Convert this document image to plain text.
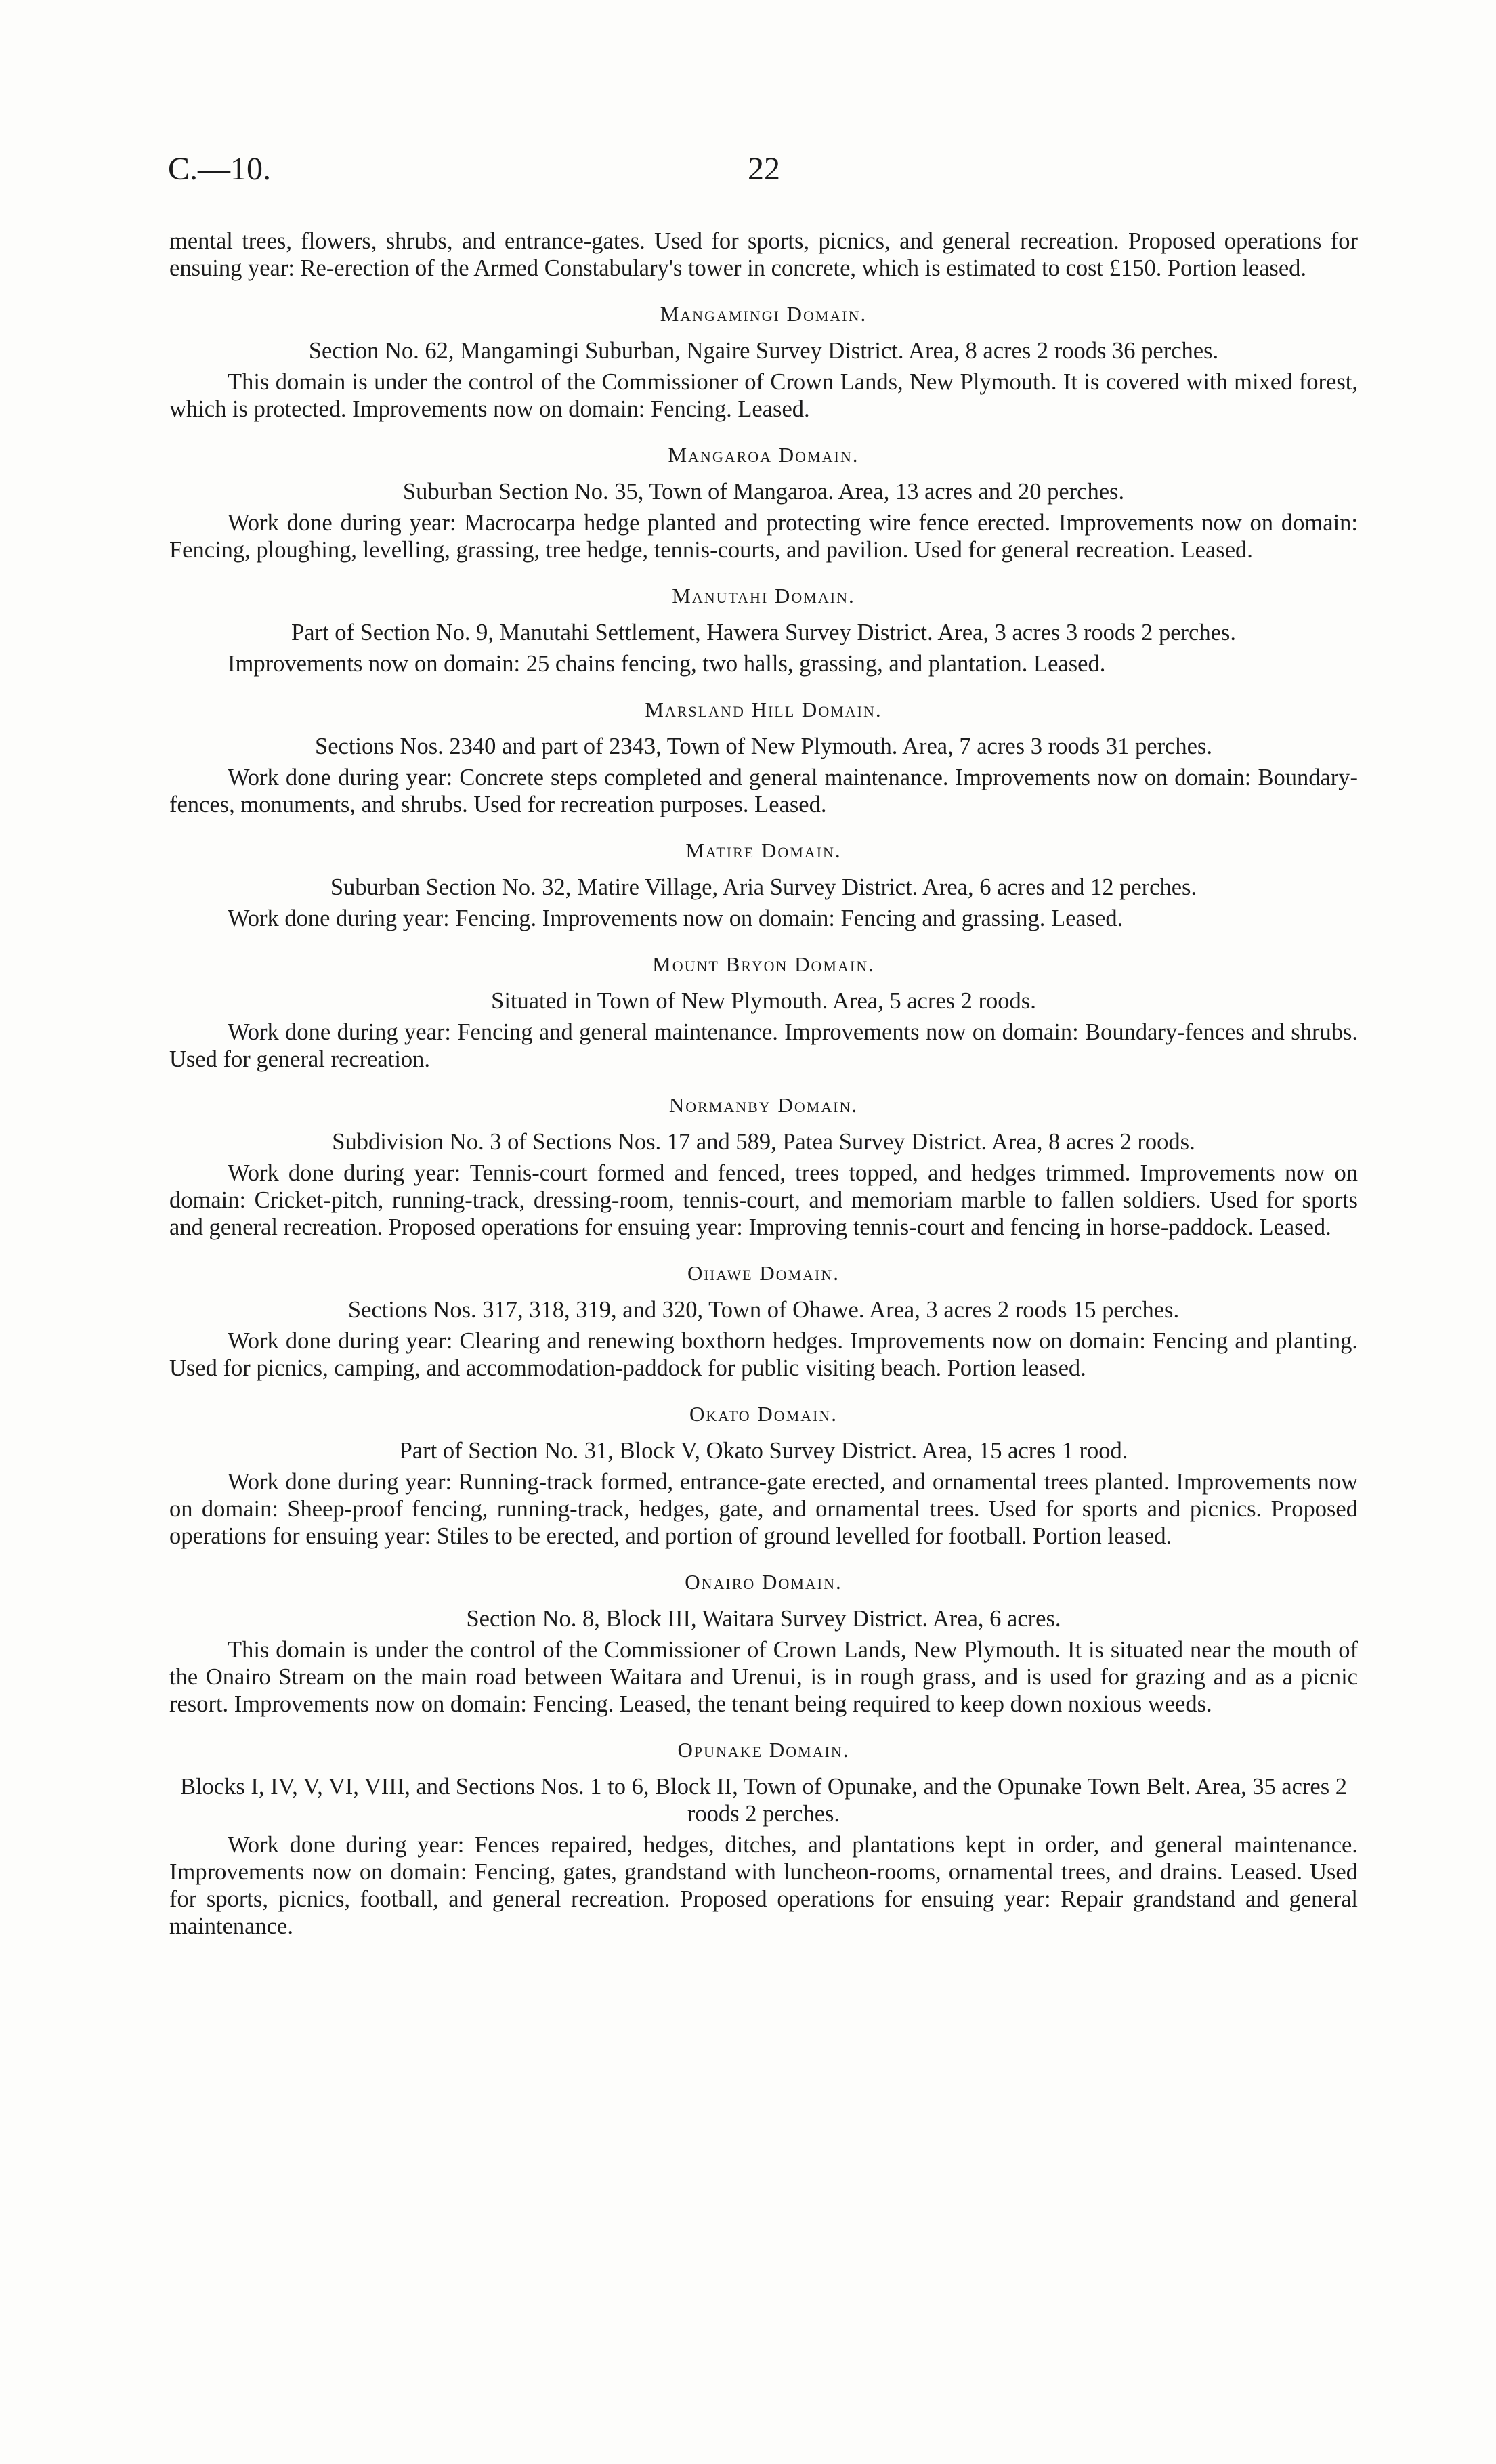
C.—10.	22

mental trees, flowers, shrubs, and entrance-gates. Used for sports, picnics, and general recreation. Proposed operations for ensuing year: Re-erection of the Armed Constabulary's tower in concrete, which is estimated to cost £150. Portion leased.

Mangamingi Domain.

Section No. 62, Mangamingi Suburban, Ngaire Survey District. Area, 8 acres 2 roods 36 perches.

This domain is under the control of the Commissioner of Crown Lands, New Plymouth. It is covered with mixed forest, which is protected. Improvements now on domain: Fencing. Leased.

Mangaroa Domain.

Suburban Section No. 35, Town of Mangaroa. Area, 13 acres and 20 perches.

Work done during year: Macrocarpa hedge planted and protecting wire fence erected. Improvements now on domain: Fencing, ploughing, levelling, grassing, tree hedge, tennis-courts, and pavilion. Used for general recreation. Leased.

Manutahi Domain.

Part of Section No. 9, Manutahi Settlement, Hawera Survey District. Area, 3 acres 3 roods 2 perches.

Improvements now on domain: 25 chains fencing, two halls, grassing, and plantation. Leased.

Marsland Hill Domain.

Sections Nos. 2340 and part of 2343, Town of New Plymouth. Area, 7 acres 3 roods 31 perches.

Work done during year: Concrete steps completed and general maintenance. Improvements now on domain: Boundary-fences, monuments, and shrubs. Used for recreation purposes. Leased.

Matire Domain.

Suburban Section No. 32, Matire Village, Aria Survey District. Area, 6 acres and 12 perches.

Work done during year: Fencing. Improvements now on domain: Fencing and grassing. Leased.

Mount Bryon Domain.

Situated in Town of New Plymouth. Area, 5 acres 2 roods.

Work done during year: Fencing and general maintenance. Improvements now on domain: Boundary-fences and shrubs. Used for general recreation.

Normanby Domain.

Subdivision No. 3 of Sections Nos. 17 and 589, Patea Survey District. Area, 8 acres 2 roods.

Work done during year: Tennis-court formed and fenced, trees topped, and hedges trimmed. Improvements now on domain: Cricket-pitch, running-track, dressing-room, tennis-court, and memoriam marble to fallen soldiers. Used for sports and general recreation. Proposed operations for ensuing year: Improving tennis-court and fencing in horse-paddock. Leased.

Ohawe Domain.

Sections Nos. 317, 318, 319, and 320, Town of Ohawe. Area, 3 acres 2 roods 15 perches.

Work done during year: Clearing and renewing boxthorn hedges. Improvements now on domain: Fencing and planting. Used for picnics, camping, and accommodation-paddock for public visiting beach. Portion leased.

Okato Domain.

Part of Section No. 31, Block V, Okato Survey District. Area, 15 acres 1 rood.

Work done during year: Running-track formed, entrance-gate erected, and ornamental trees planted. Improvements now on domain: Sheep-proof fencing, running-track, hedges, gate, and ornamental trees. Used for sports and picnics. Proposed operations for ensuing year: Stiles to be erected, and portion of ground levelled for football. Portion leased.

Onairo Domain.

Section No. 8, Block III, Waitara Survey District. Area, 6 acres.

This domain is under the control of the Commissioner of Crown Lands, New Plymouth. It is situated near the mouth of the Onairo Stream on the main road between Waitara and Urenui, is in rough grass, and is used for grazing and as a picnic resort. Improvements now on domain: Fencing. Leased, the tenant being required to keep down noxious weeds.

Opunake Domain.

Blocks I, IV, V, VI, VIII, and Sections Nos. 1 to 6, Block II, Town of Opunake, and the Opunake Town Belt. Area, 35 acres 2 roods 2 perches.

Work done during year: Fences repaired, hedges, ditches, and plantations kept in order, and general maintenance. Improvements now on domain: Fencing, gates, grandstand with luncheon-rooms, ornamental trees, and drains. Leased. Used for sports, picnics, football, and general recreation. Proposed operations for ensuing year: Repair grandstand and general maintenance.
